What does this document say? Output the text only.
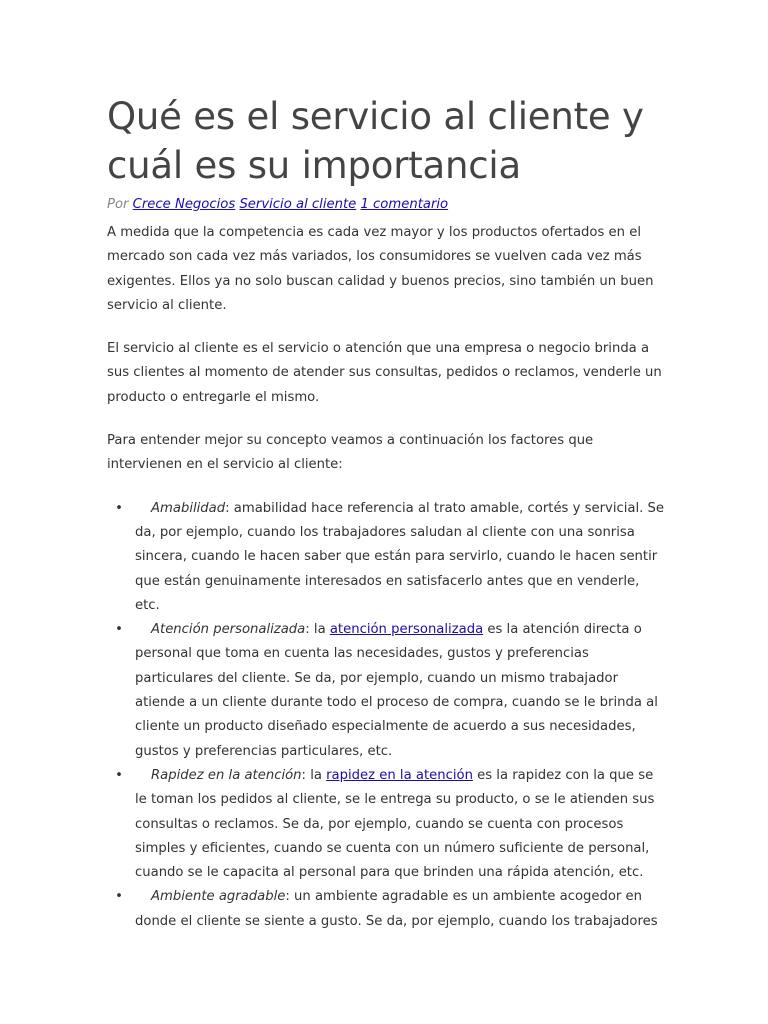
Qué es el servicio al cliente y cuál es su importancia
Por Crece Negocios Servicio al cliente 1 comentario

A medida que la competencia es cada vez mayor y los productos ofertados en el mercado son cada vez más variados, los consumidores se vuelven cada vez más exigentes. Ellos ya no solo buscan calidad y buenos precios, sino también un buen servicio al cliente.

El servicio al cliente es el servicio o atención que una empresa o negocio brinda a sus clientes al momento de atender sus consultas, pedidos o reclamos, venderle un producto o entregarle el mismo.

Para entender mejor su concepto veamos a continuación los factores que intervienen en el servicio al cliente:

• Amabilidad: amabilidad hace referencia al trato amable, cortés y servicial. Se da, por ejemplo, cuando los trabajadores saludan al cliente con una sonrisa sincera, cuando le hacen saber que están para servirlo, cuando le hacen sentir que están genuinamente interesados en satisfacerlo antes que en venderle, etc.
• Atención personalizada: la atención personalizada es la atención directa o personal que toma en cuenta las necesidades, gustos y preferencias particulares del cliente. Se da, por ejemplo, cuando un mismo trabajador atiende a un cliente durante todo el proceso de compra, cuando se le brinda al cliente un producto diseñado especialmente de acuerdo a sus necesidades, gustos y preferencias particulares, etc.
• Rapidez en la atención: la rapidez en la atención es la rapidez con la que se le toman los pedidos al cliente, se le entrega su producto, o se le atienden sus consultas o reclamos. Se da, por ejemplo, cuando se cuenta con procesos simples y eficientes, cuando se cuenta con un número suficiente de personal, cuando se le capacita al personal para que brinden una rápida atención, etc.
• Ambiente agradable: un ambiente agradable es un ambiente acogedor en donde el cliente se siente a gusto. Se da, por ejemplo, cuando los trabajadores
